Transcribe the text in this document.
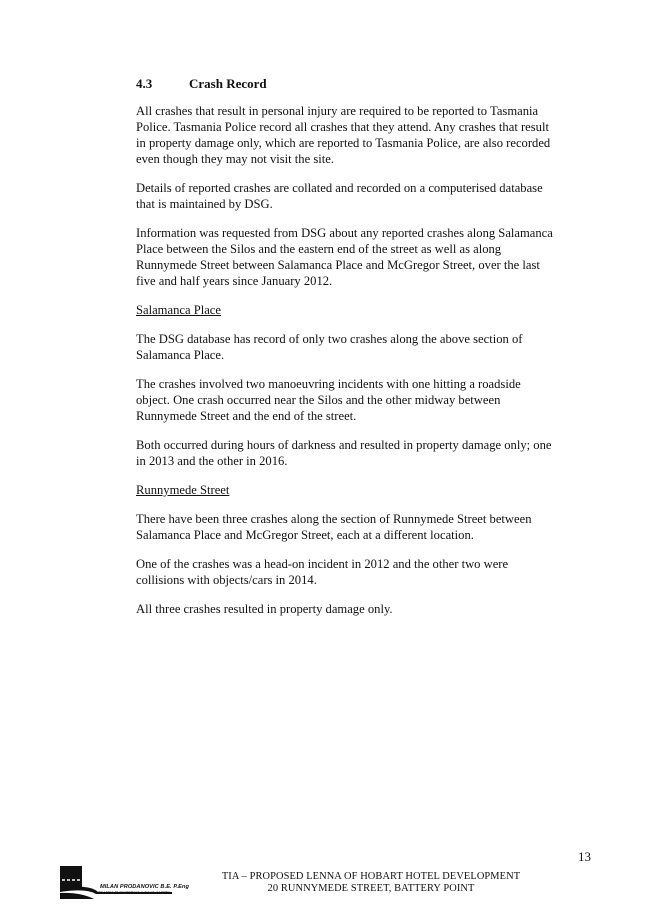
4.3	Crash Record

All crashes that result in personal injury are required to be reported to Tasmania Police. Tasmania Police record all crashes that they attend. Any crashes that result in property damage only, which are reported to Tasmania Police, are also recorded even though they may not visit the site.

Details of reported crashes are collated and recorded on a computerised database that is maintained by DSG.

Information was requested from DSG about any reported crashes along Salamanca Place between the Silos and the eastern end of the street as well as along Runnymede Street between Salamanca Place and McGregor Street, over the last five and half years since January 2012.

Salamanca Place

The DSG database has record of only two crashes along the above section of Salamanca Place.

The crashes involved two manoeuvring incidents with one hitting a roadside object. One crash occurred near the Silos and the other midway between Runnymede Street and the end of the street.

Both occurred during hours of darkness and resulted in property damage only; one in 2013 and the other in 2016.

Runnymede Street

There have been three crashes along the section of Runnymede Street between Salamanca Place and McGregor Street, each at a different location.

One of the crashes was a head-on incident in 2012 and the other two were collisions with objects/cars in 2014.

All three crashes resulted in property damage only.

13
MILAN PRODANOVIC B.E. P.Eng
TRAFFIC ENGINEERING & ROAD SAFETY
TIA – PROPOSED LENNA OF HOBART HOTEL DEVELOPMENT
20 RUNNYMEDE STREET, BATTERY POINT
